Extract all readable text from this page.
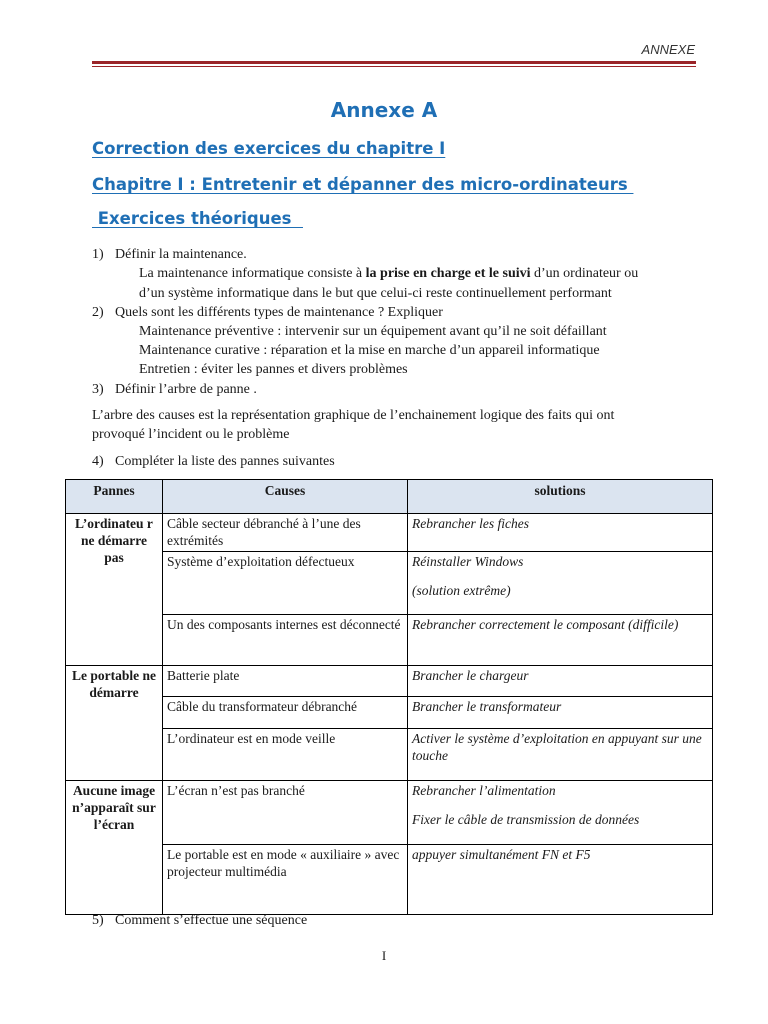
ANNEXE
Annexe A
Correction des exercices du chapitre I
Chapitre I : Entretenir et dépanner des micro-ordinateurs
Exercices théoriques
1) Définir la maintenance.
La maintenance informatique consiste à la prise en charge et le suivi d’un ordinateur ou
d’un système informatique dans le but que celui-ci reste continuellement performant
2) Quels sont les différents types de maintenance ? Expliquer
Maintenance préventive : intervenir sur un équipement avant qu’il ne soit défaillant
Maintenance curative : réparation et la mise en marche d’un appareil informatique
Entretien : éviter les pannes et divers problèmes
3) Définir l’arbre de panne .
L’arbre des causes est la représentation graphique de l’enchainement logique des faits qui ont
provoqué l’incident ou le problème
4) Compléter la liste des pannes suivantes
Pannes	Causes	solutions
L’ordinateu r ne démarre pas	Câble secteur débranché à l’une des extrémités	Rebrancher les fiches
	Système d’exploitation défectueux	Réinstaller Windows
(solution extrême)

	Un des composants internes est déconnecté	Rebrancher correctement le composant (difficile)
Le portable ne démarre	Batterie plate	Brancher le chargeur
	Câble du transformateur débranché	Brancher le transformateur
	L’ordinateur est en mode veille	Activer le système d’exploitation en appuyant sur une touche
Aucune image n’apparaît sur l’écran	L’écran n’est pas branché	Rebrancher l’alimentation
Fixer le câble de transmission de données

	Le portable est en mode « auxiliaire » avec projecteur multimédia	appuyer simultanément FN et F5
5) Comment s’effectue une séquence
I
